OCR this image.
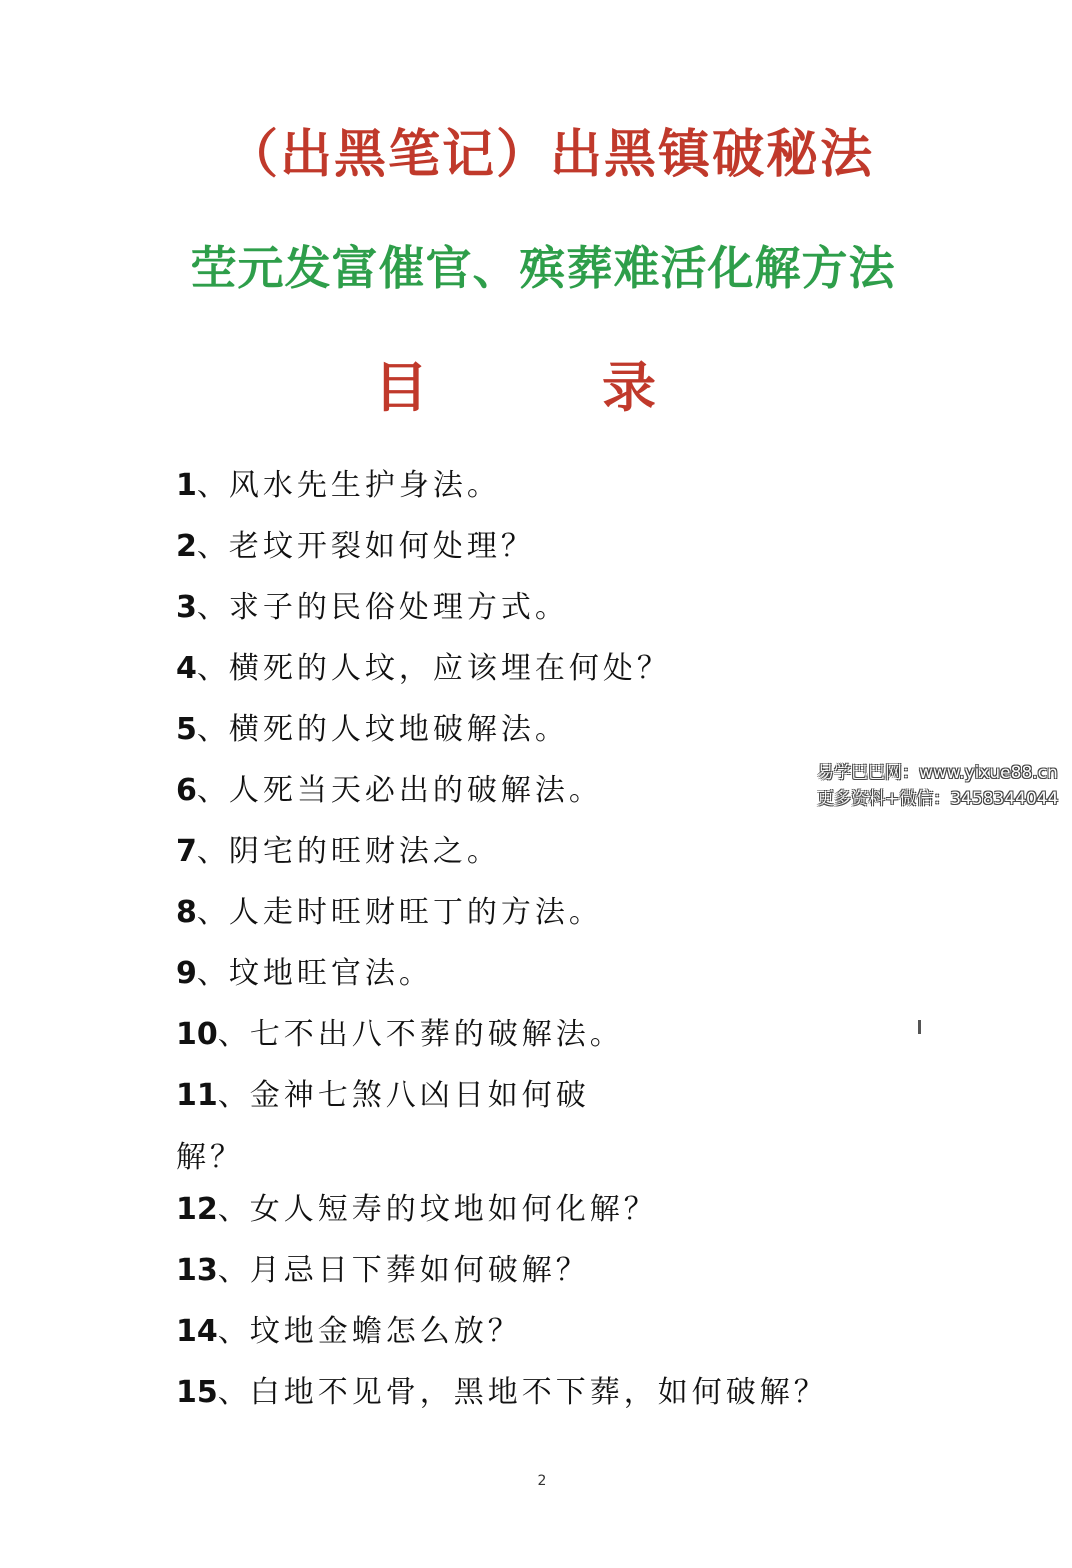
（出黑笔记）出黑镇破秘法
茔元发富催官、殡葬难活化解方法
目　录
1、风水先生护身法。
2、老坟开裂如何处理？
3、求子的民俗处理方式。
4、横死的人坟，应该埋在何处？
5、横死的人坟地破解法。
6、人死当天必出的破解法。
7、阴宅的旺财法之。
8、人走时旺财旺丁的方法。
9、坟地旺官法。
10、七不出八不葬的破解法。
11、金神七煞八凶日如何破解？
12、女人短寿的坟地如何化解？
13、月忌日下葬如何破解？
14、坟地金蟾怎么放？
15、白地不见骨，黑地不下葬，如何破解？
易学巴巴网：www.yixue88.cn
更多资料+微信：3458344044
2
